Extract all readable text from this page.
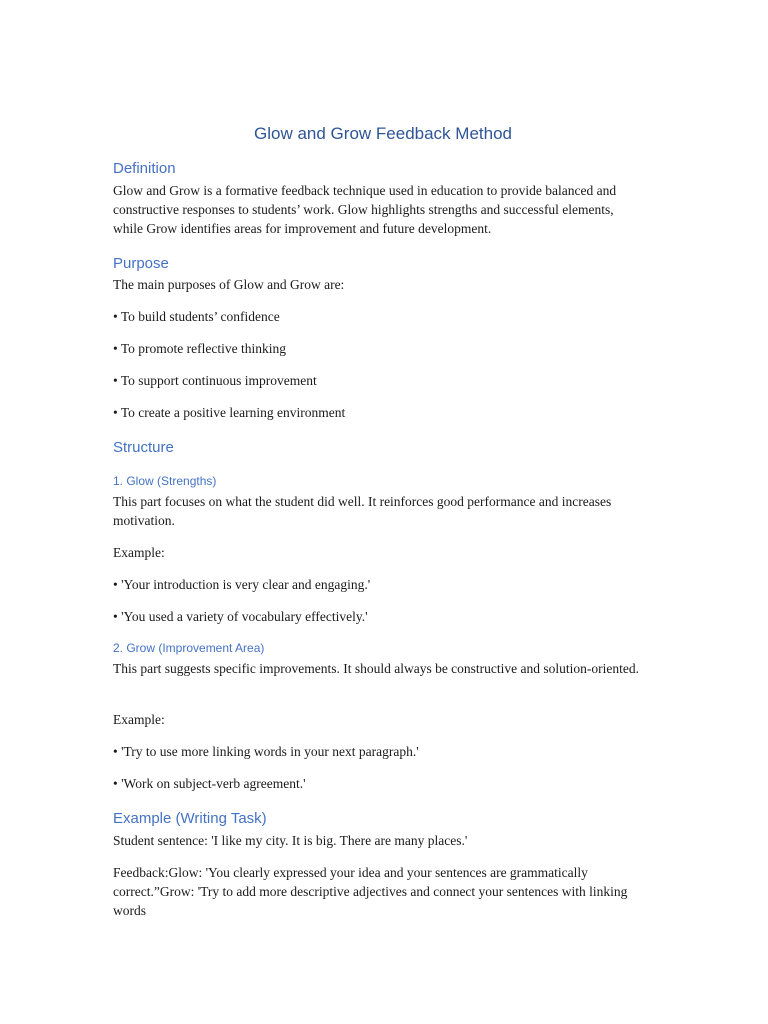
Glow and Grow Feedback Method
Definition

Glow and Grow is a formative feedback technique used in education to provide balanced and constructive responses to students’ work. Glow highlights strengths and successful elements, while Grow identifies areas for improvement and future development.

Purpose

The main purposes of Glow and Grow are:

• To build students’ confidence

• To promote reflective thinking

• To support continuous improvement

• To create a positive learning environment

Structure
1. Glow (Strengths)

This part focuses on what the student did well. It reinforces good performance and increases motivation.

Example:

• 'Your introduction is very clear and engaging.'

• 'You used a variety of vocabulary effectively.'

2. Grow (Improvement Area)

This part suggests specific improvements. It should always be constructive and solution-oriented.

Example:

• 'Try to use more linking words in your next paragraph.'

• 'Work on subject-verb agreement.'

Example (Writing Task)

Student sentence: 'I like my city. It is big. There are many places.'

Feedback:Glow: 'You clearly expressed your idea and your sentences are grammatically correct.”Grow: 'Try to add more descriptive adjectives and connect your sentences with linking words
